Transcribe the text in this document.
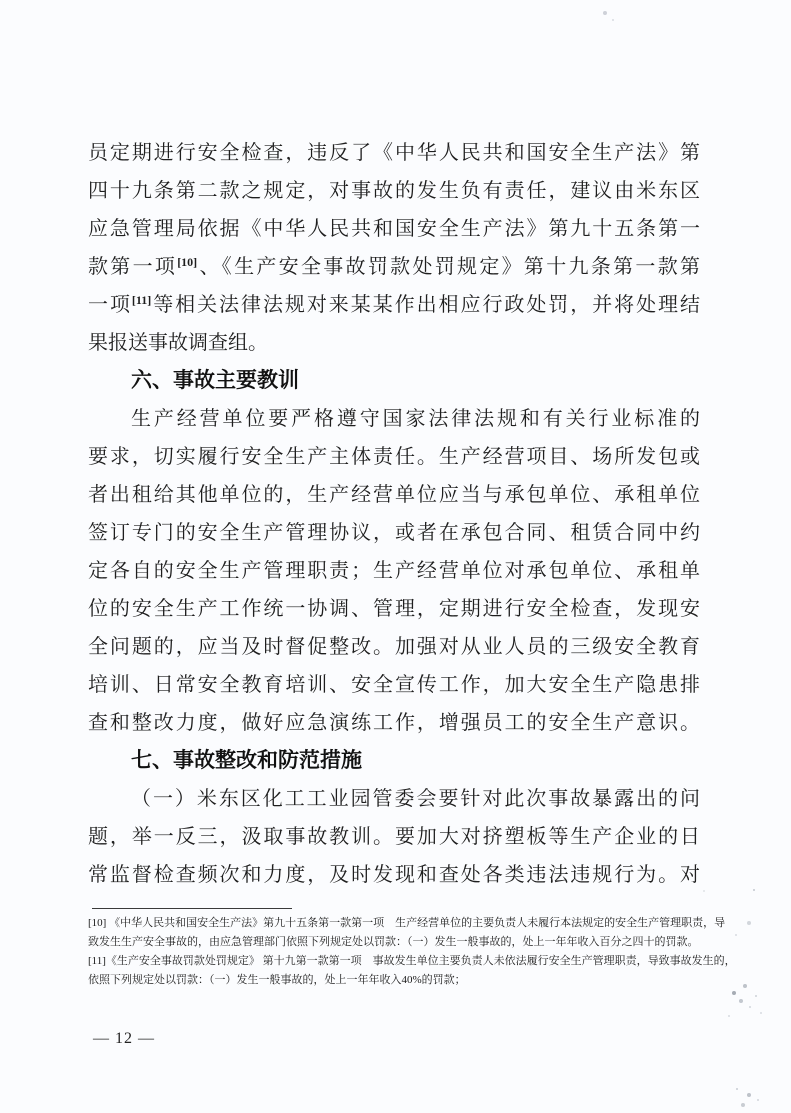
员定期进行安全检查，违反了《中华人民共和国安全生产法》第
四十九条第二款之规定，对事故的发生负有责任，建议由米东区
应急管理局依据《中华人民共和国安全生产法》第九十五条第一
款第一项[10]、《生产安全事故罚款处罚规定》第十九条第一款第
一项[11]等相关法律法规对来某某作出相应行政处罚，并将处理结
果报送事故调查组。
六、事故主要教训
生产经营单位要严格遵守国家法律法规和有关行业标准的
要求，切实履行安全生产主体责任。生产经营项目、场所发包或
者出租给其他单位的，生产经营单位应当与承包单位、承租单位
签订专门的安全生产管理协议，或者在承包合同、租赁合同中约
定各自的安全生产管理职责；生产经营单位对承包单位、承租单
位的安全生产工作统一协调、管理，定期进行安全检查，发现安
全问题的，应当及时督促整改。加强对从业人员的三级安全教育
培训、日常安全教育培训、安全宣传工作，加大安全生产隐患排
查和整改力度，做好应急演练工作，增强员工的安全生产意识。
七、事故整改和防范措施
（一）米东区化工工业园管委会要针对此次事故暴露出的问
题，举一反三，汲取事故教训。要加大对挤塑板等生产企业的日
常监督检查频次和力度，及时发现和查处各类违法违规行为。对
[10] 《中华人民共和国安全生产法》第九十五条第一款第一项　生产经营单位的主要负责人未履行本法规定的安全生产管理职责，导
致发生生产安全事故的，由应急管理部门依照下列规定处以罚款：（一）发生一般事故的，处上一年年收入百分之四十的罚款。
[11]《生产安全事故罚款处罚规定》 第十九第一款第一项　事故发生单位主要负责人未依法履行安全生产管理职责，导致事故发生的，
依照下列规定处以罚款：（一）发生一般事故的，处上一年年收入40%的罚款；
— 12 —
